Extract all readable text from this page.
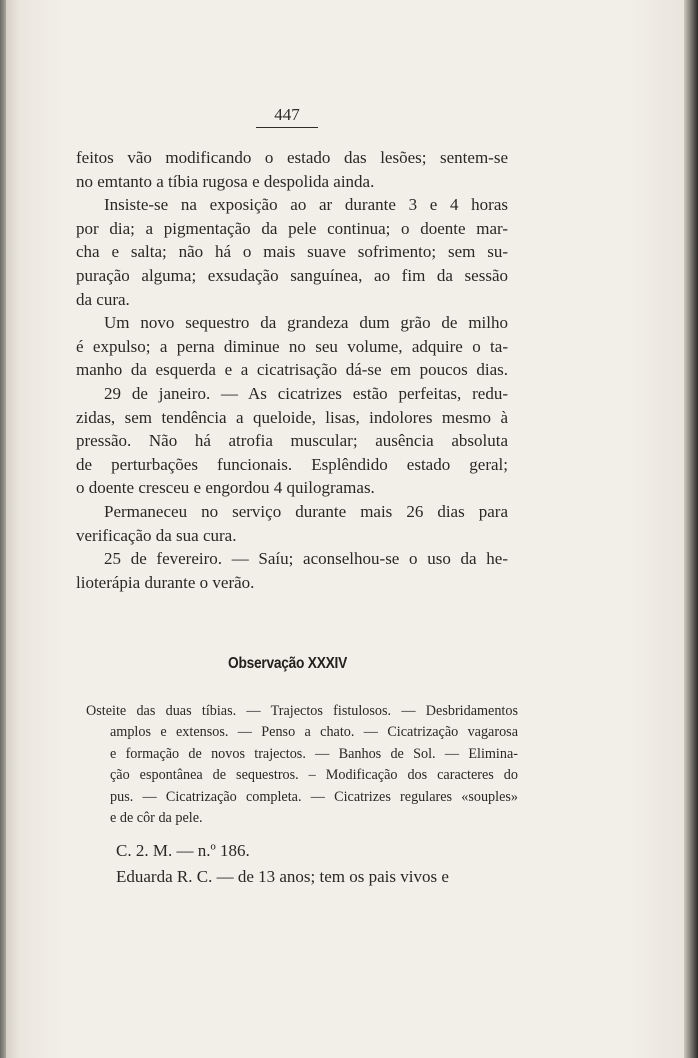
447

feitos vão modificando o estado das lesões; sentem-se
no emtanto a tíbia rugosa e despolida ainda.

Insiste-se na exposição ao ar durante 3 e 4 horas
por dia; a pigmentação da pele continua; o doente mar-
cha e salta; não há o mais suave sofrimento; sem su-
puração alguma; exsudação sanguínea, ao fim da sessão
da cura.

Um novo sequestro da grandeza dum grão de milho
é expulso; a perna diminue no seu volume, adquire o ta-
manho da esquerda e a cicatrisação dá-se em poucos dias.

29 de janeiro. — As cicatrizes estão perfeitas, redu-
zidas, sem tendência a queloide, lisas, indolores mesmo à
pressão. Não há atrofia muscular; ausência absoluta
de perturbações funcionais. Esplêndido estado geral;
o doente cresceu e engordou 4 quilogramas.

Permaneceu no serviço durante mais 26 dias para
verificação da sua cura.

25 de fevereiro. — Saíu; aconselhou-se o uso da he-
lioterápia durante o verão.

Observação XXXIV
Osteite das duas tíbias. — Trajectos fistulosos. — Desbridamentos
amplos e extensos. — Penso a chato. — Cicatrização vagarosa
e formação de novos trajectos. — Banhos de Sol. — Elimina-
ção espontânea de sequestros. – Modificação dos caracteres do
pus. — Cicatrização completa. — Cicatrizes regulares «souples»
e de côr da pele.
C. 2. M. — n.º 186.
Eduarda R. C. — de 13 anos; tem os pais vivos e
